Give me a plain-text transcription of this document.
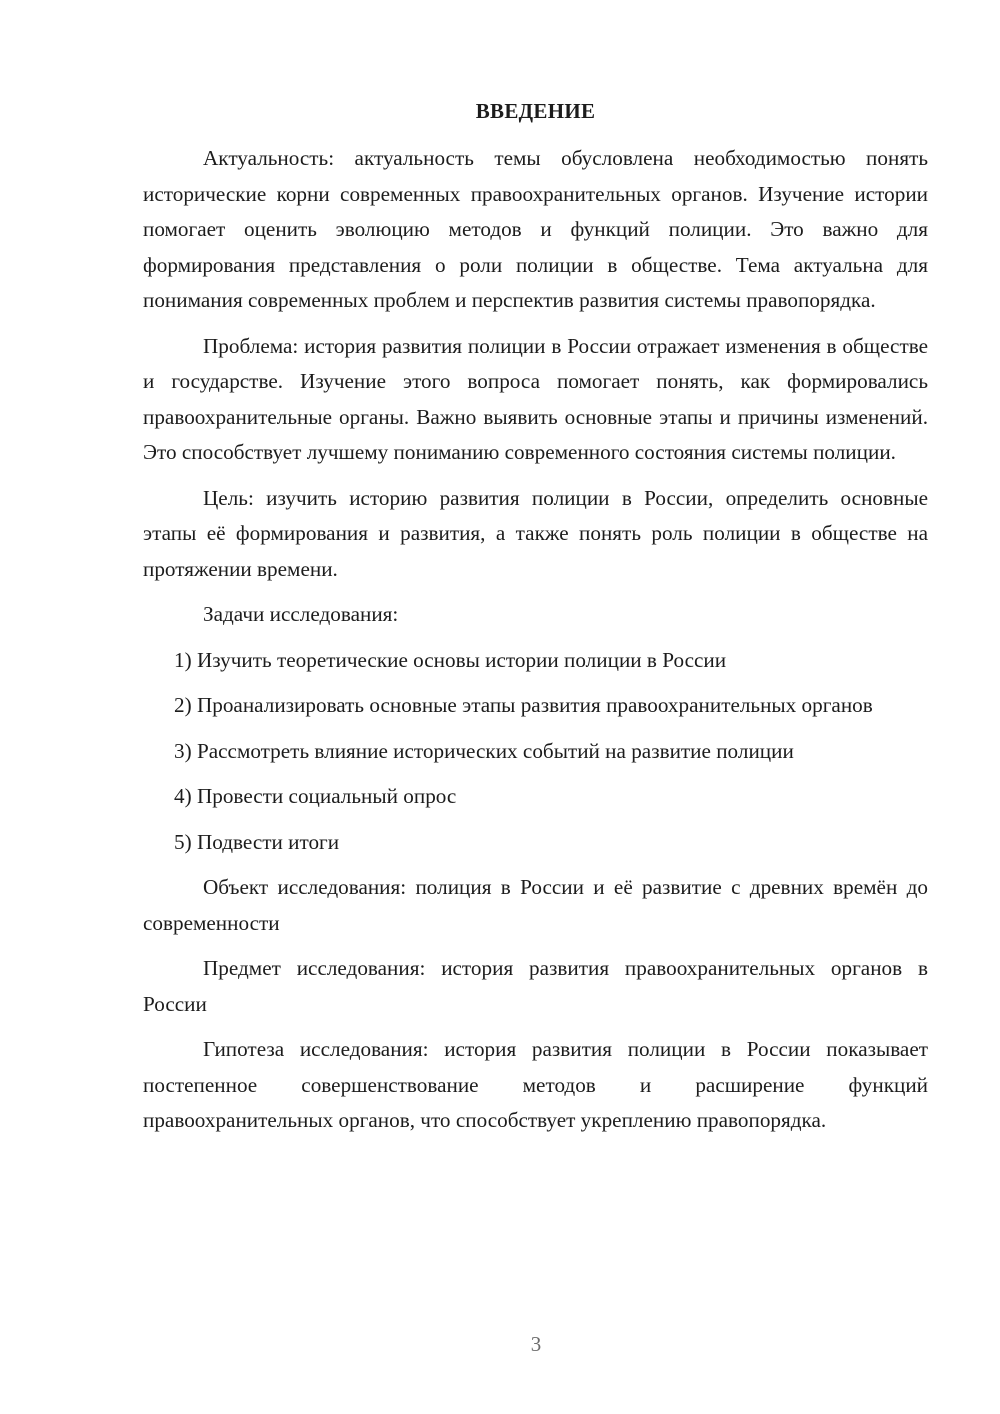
ВВЕДЕНИЕ

Актуальность: актуальность темы обусловлена необходимостью понять исторические корни современных правоохранительных органов. Изучение истории помогает оценить эволюцию методов и функций полиции. Это важно для формирования представления о роли полиции в обществе. Тема актуальна для понимания современных проблем и перспектив развития системы правопорядка.

Проблема: история развития полиции в России отражает изменения в обществе и государстве. Изучение этого вопроса помогает понять, как формировались правоохранительные органы. Важно выявить основные этапы и причины изменений. Это способствует лучшему пониманию современного состояния системы полиции.

Цель: изучить историю развития полиции в России, определить основные этапы её формирования и развития, а также понять роль полиции в обществе на протяжении времени.

Задачи исследования:

1) Изучить теоретические основы истории полиции в России

2) Проанализировать основные этапы развития правоохранительных органов

3) Рассмотреть влияние исторических событий на развитие полиции

4) Провести социальный опрос

5) Подвести итоги

Объект исследования: полиция в России и её развитие с древних времён до современности

Предмет исследования: история развития правоохранительных органов в России

Гипотеза исследования: история развития полиции в России показывает постепенное совершенствование методов и расширение функций правоохранительных органов, что способствует укреплению правопорядка.

3
